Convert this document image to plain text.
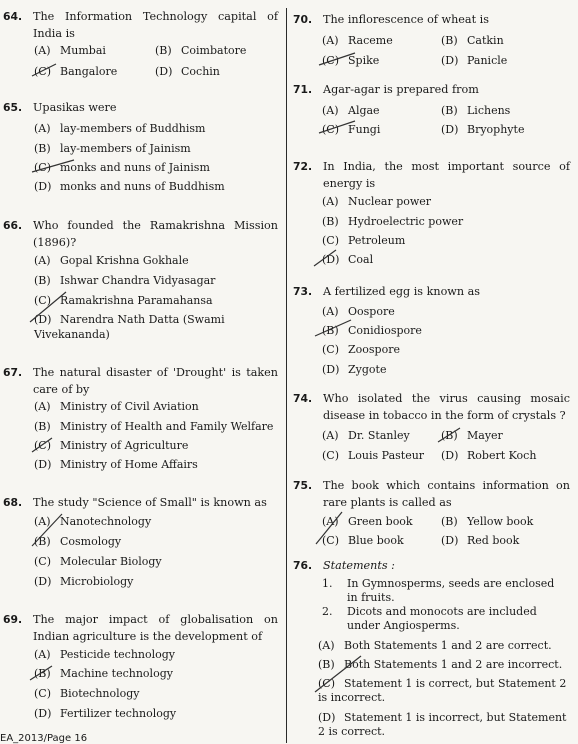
64. The Information Technology capital of India is
(A) Mumbai	(B) Coimbatore
(C) Bangalore	(D) Cochin
65. Upasikas were
(A) lay-members of Buddhism
(B) lay-members of Jainism
(C) monks and nuns of Jainism
(D) monks and nuns of Buddhism
66. Who founded the Ramakrishna Mission (1896)?
(A) Gopal Krishna Gokhale
(B) Ishwar Chandra Vidyasagar
(C) Ramakrishna Paramahansa
(D) Narendra Nath Datta (Swami Vivekananda)
67. The natural disaster of 'Drought' is taken care of by
(A) Ministry of Civil Aviation
(B) Ministry of Health and Family Welfare
(C) Ministry of Agriculture
(D) Ministry of Home Affairs
68. The study "Science of Small" is known as
(A) Nanotechnology
(B) Cosmology
(C) Molecular Biology
(D) Microbiology
69. The major impact of globalisation on Indian agriculture is the development of
(A) Pesticide technology
(B) Machine technology
(C) Biotechnology
(D) Fertilizer technology
70. The inflorescence of wheat is
(A) Raceme	(B) Catkin
(C) Spike	(D) Panicle
71. Agar-agar is prepared from
(A) Algae	(B) Lichens
(C) Fungi	(D) Bryophyte
72. In India, the most important source of energy is
(A) Nuclear power
(B) Hydroelectric power
(C) Petroleum
(D) Coal
73. A fertilized egg is known as
(A) Oospore
(B) Conidiospore
(C) Zoospore
(D) Zygote
74. Who isolated the virus causing mosaic disease in tobacco in the form of crystals ?
(A) Dr. Stanley	(B) Mayer
(C) Louis Pasteur (D) Robert Koch
75. The book which contains information on rare plants is called as
(A) Green book	(B) Yellow book
(C) Blue book	(D) Red book
76. Statements :
1. In Gymnosperms, seeds are enclosed in fruits.
2. Dicots and monocots are included under Angiosperms.
(A) Both Statements 1 and 2 are correct.
(B) Both Statements 1 and 2 are incorrect.
(C) Statement 1 is correct, but Statement 2 is incorrect.
(D) Statement 1 is incorrect, but Statement 2 is correct.
EA_2013/Page 16
